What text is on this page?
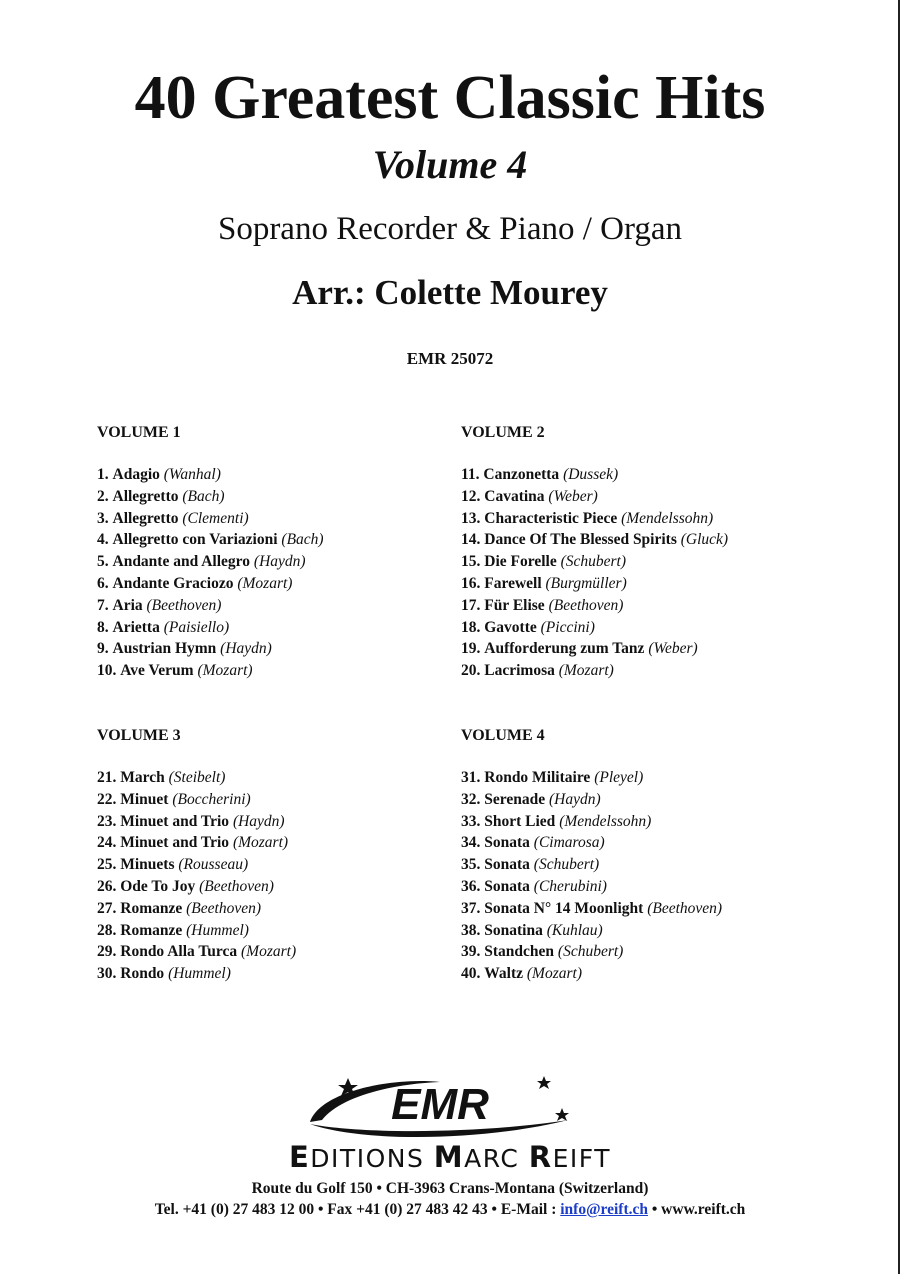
40 Greatest Classic Hits
Volume 4
Soprano Recorder & Piano / Organ
Arr.: Colette Mourey
EMR 25072
VOLUME 1
1. Adagio (Wanhal)
2. Allegretto (Bach)
3. Allegretto (Clementi)
4. Allegretto con Variazioni (Bach)
5. Andante and Allegro (Haydn)
6. Andante Graciozo (Mozart)
7. Aria (Beethoven)
8. Arietta (Paisiello)
9. Austrian Hymn (Haydn)
10. Ave Verum (Mozart)
VOLUME 2
11. Canzonetta (Dussek)
12. Cavatina (Weber)
13. Characteristic Piece (Mendelssohn)
14. Dance Of The Blessed Spirits (Gluck)
15. Die Forelle (Schubert)
16. Farewell (Burgmüller)
17. Für Elise (Beethoven)
18. Gavotte (Piccini)
19. Aufforderung zum Tanz (Weber)
20. Lacrimosa (Mozart)
VOLUME 3
21. March (Steibelt)
22. Minuet (Boccherini)
23. Minuet and Trio (Haydn)
24. Minuet and Trio (Mozart)
25. Minuets (Rousseau)
26. Ode To Joy (Beethoven)
27. Romanze (Beethoven)
28. Romanze (Hummel)
29. Rondo Alla Turca (Mozart)
30. Rondo (Hummel)
VOLUME 4
31. Rondo Militaire (Pleyel)
32. Serenade (Haydn)
33. Short Lied (Mendelssohn)
34. Sonata (Cimarosa)
35. Sonata (Schubert)
36. Sonata (Cherubini)
37. Sonata N° 14 Moonlight (Beethoven)
38. Sonatina (Kuhlau)
39. Standchen (Schubert)
40. Waltz (Mozart)
EMR
EDITIONS MARC REIFT
Route du Golf 150 • CH-3963 Crans-Montana (Switzerland)
Tel. +41 (0) 27 483 12 00 • Fax +41 (0) 27 483 42 43 • E-Mail : info@reift.ch • www.reift.ch
